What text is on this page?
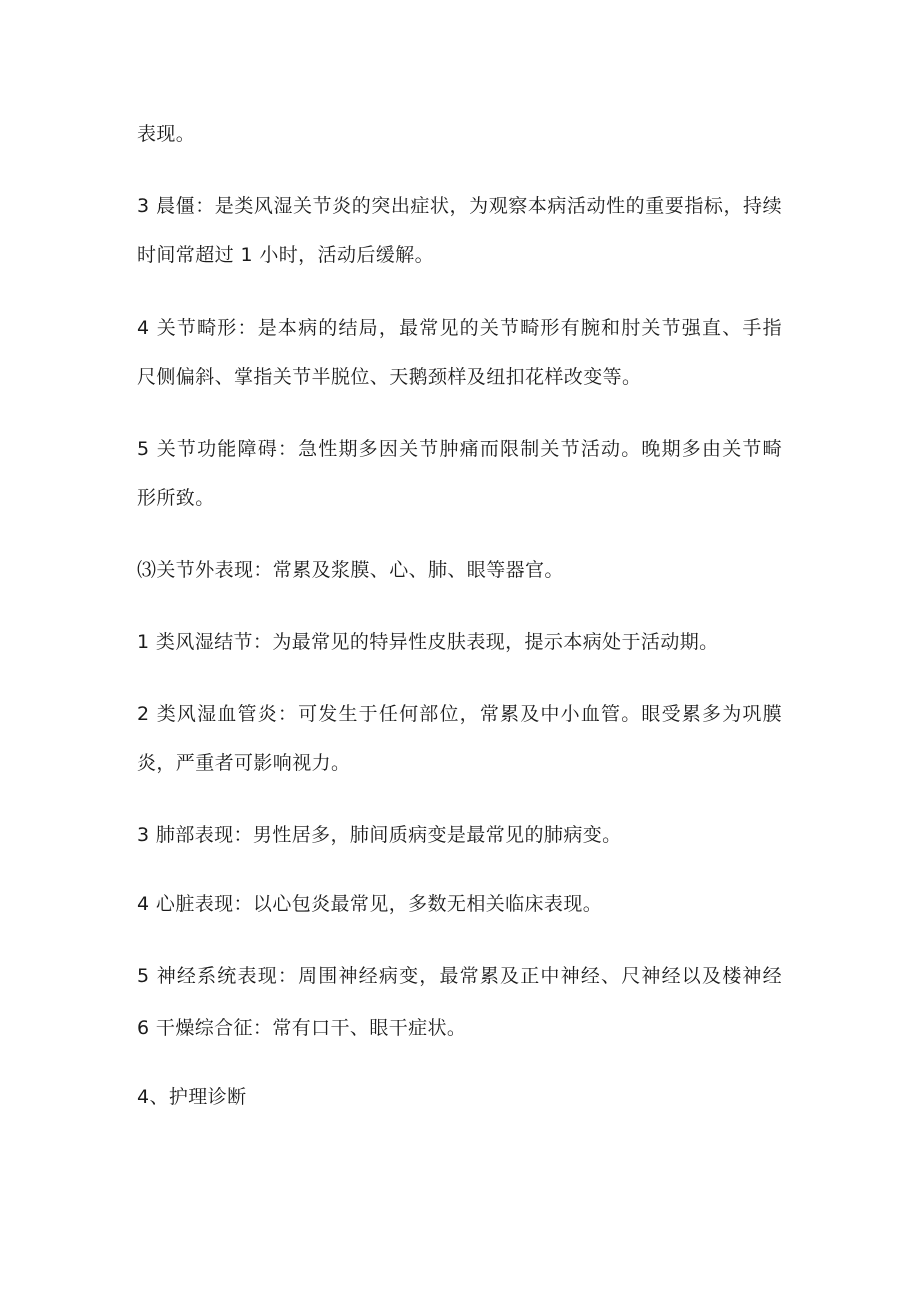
表现。
3 晨僵：是类风湿关节炎的突出症状，为观察本病活动性的重要指标，持续
时间常超过 1 小时，活动后缓解。
4 关节畸形：是本病的结局，最常见的关节畸形有腕和肘关节强直、手指
尺侧偏斜、掌指关节半脱位、天鹅颈样及纽扣花样改变等。
5 关节功能障碍：急性期多因关节肿痛而限制关节活动。晚期多由关节畸
形所致。
⑶关节外表现：常累及浆膜、心、肺、眼等器官。
1 类风湿结节：为最常见的特异性皮肤表现，提示本病处于活动期。
2 类风湿血管炎：可发生于任何部位，常累及中小血管。眼受累多为巩膜
炎，严重者可影响视力。
3 肺部表现：男性居多，肺间质病变是最常见的肺病变。
4 心脏表现：以心包炎最常见，多数无相关临床表现。
5 神经系统表现：周围神经病变，最常累及正中神经、尺神经以及楼神经
6 干燥综合征：常有口干、眼干症状。
4、护理诊断
